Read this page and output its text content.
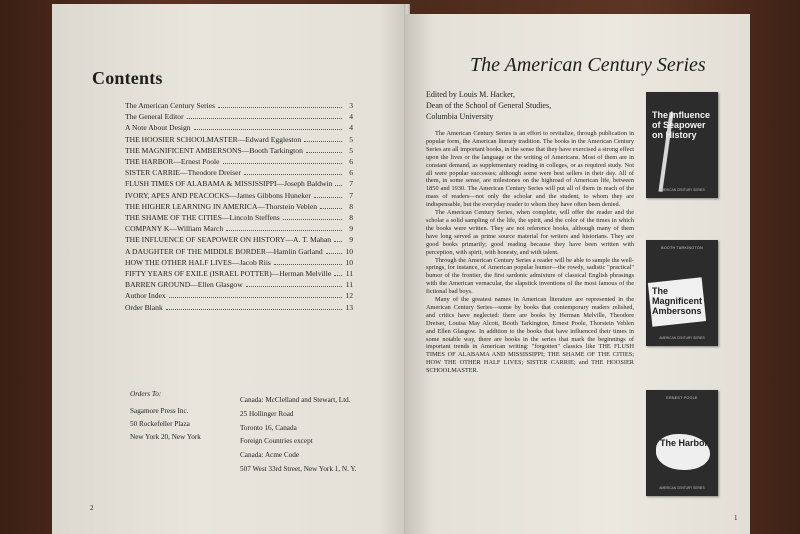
Contents
The American Century Series	3
The General Editor	4
A Note About Design	4
THE HOOSIER SCHOOLMASTER—Edward Eggleston	5
THE MAGNIFICENT AMBERSONS—Booth Tarkington	5
THE HARBOR—Ernest Poole	6
SISTER CARRIE—Theodore Dreiser	6
FLUSH TIMES OF ALABAMA & MISSISSIPPI—Joseph Baldwin	7
IVORY, APES AND PEACOCKS—James Gibbons Huneker	7
THE HIGHER LEARNING IN AMERICA—Thorstein Veblen	8
THE SHAME OF THE CITIES—Lincoln Steffens	8
COMPANY K—William March	9
THE INFLUENCE OF SEAPOWER ON HISTORY—A. T. Mahan	9
A DAUGHTER OF THE MIDDLE BORDER—Hamlin Garland	10
HOW THE OTHER HALF LIVES—Jacob Riis	10
FIFTY YEARS OF EXILE (ISRAEL POTTER)—Herman Melville 11
BARREN GROUND—Ellen Glasgow	11
Author Index	12
Order Blank	13
Orders To:
Sagamore Press Inc.
50 Rockefeller Plaza
New York 20, New York
Canada: McClelland and Stewart, Ltd.
25 Hollinger Road
Toronto 16, Canada
Foreign Countries except
Canada: Acme Code
507 West 33rd Street, New York 1, N. Y.
2
The American Century Series
Edited by Louis M. Hacker,
Dean of the School of General Studies,
Columbia University

The American Century Series is an effort to revitalize, through publication in popular form, the American literary tradition. The books in the American Century Series are all important books, in the sense that they have exercised a strong effect upon the lives or the language or the writing of Americans. Most of them are in constant demand, as supplementary reading in colleges, or as required study. Not all were popular successes; although some were best sellers in their day. All of them, in some sense, are milestones on the highroad of American life, between 1850 and 1930. The American Century Series will put all of them in reach of the mass of readers—not only the scholar and the student, to whom they are indispensable, but the everyday reader to whom they have often been denied.

The American Century Series, when complete, will offer the reader and the scholar a solid sampling of the life, the spirit, and the color of the times in which the books were written. They are not reference books, although many of them have long served as prime source material for writers and historians. They are good books primarily; good reading because they have been written with perception, with spirit, with honesty, and with talent.

Through the American Century Series a reader will be able to sample the well-springs, for instance, of American popular humor—the rowdy, sadistic "practical" humor of the frontier, the first sardonic admixture of classical English phrasings with the American vernacular, the slapstick inventions of the most famous of the fictional bad boys.

Many of the greatest names in American literature are represented in the American Century Series—some by books that contemporary readers relished, and critics have neglected: there are books by Herman Melville, Theodore Dreiser, Louisa May Alcott, Booth Tarkington, Ernest Poole, Thorstein Veblen and Ellen Glasgow. In addition to the books that have influenced their times in some notable way, there are books in the series that mark the beginnings of important trends in American writing: "forgotten" classics like THE FLUSH TIMES OF ALABAMA AND MISSISSIPPI; THE SHAME OF THE CITIES; HOW THE OTHER HALF LIVES; SISTER CARRIE; and THE HOOSIER SCHOOLMASTER.

The Influence of Seapower on History
AMERICAN CENTURY SERIES
BOOTH TARKINGTON
The Magnificent Ambersons
AMERICAN CENTURY SERIES
ERNEST POOLE
The Harbor
AMERICAN CENTURY SERIES
1
